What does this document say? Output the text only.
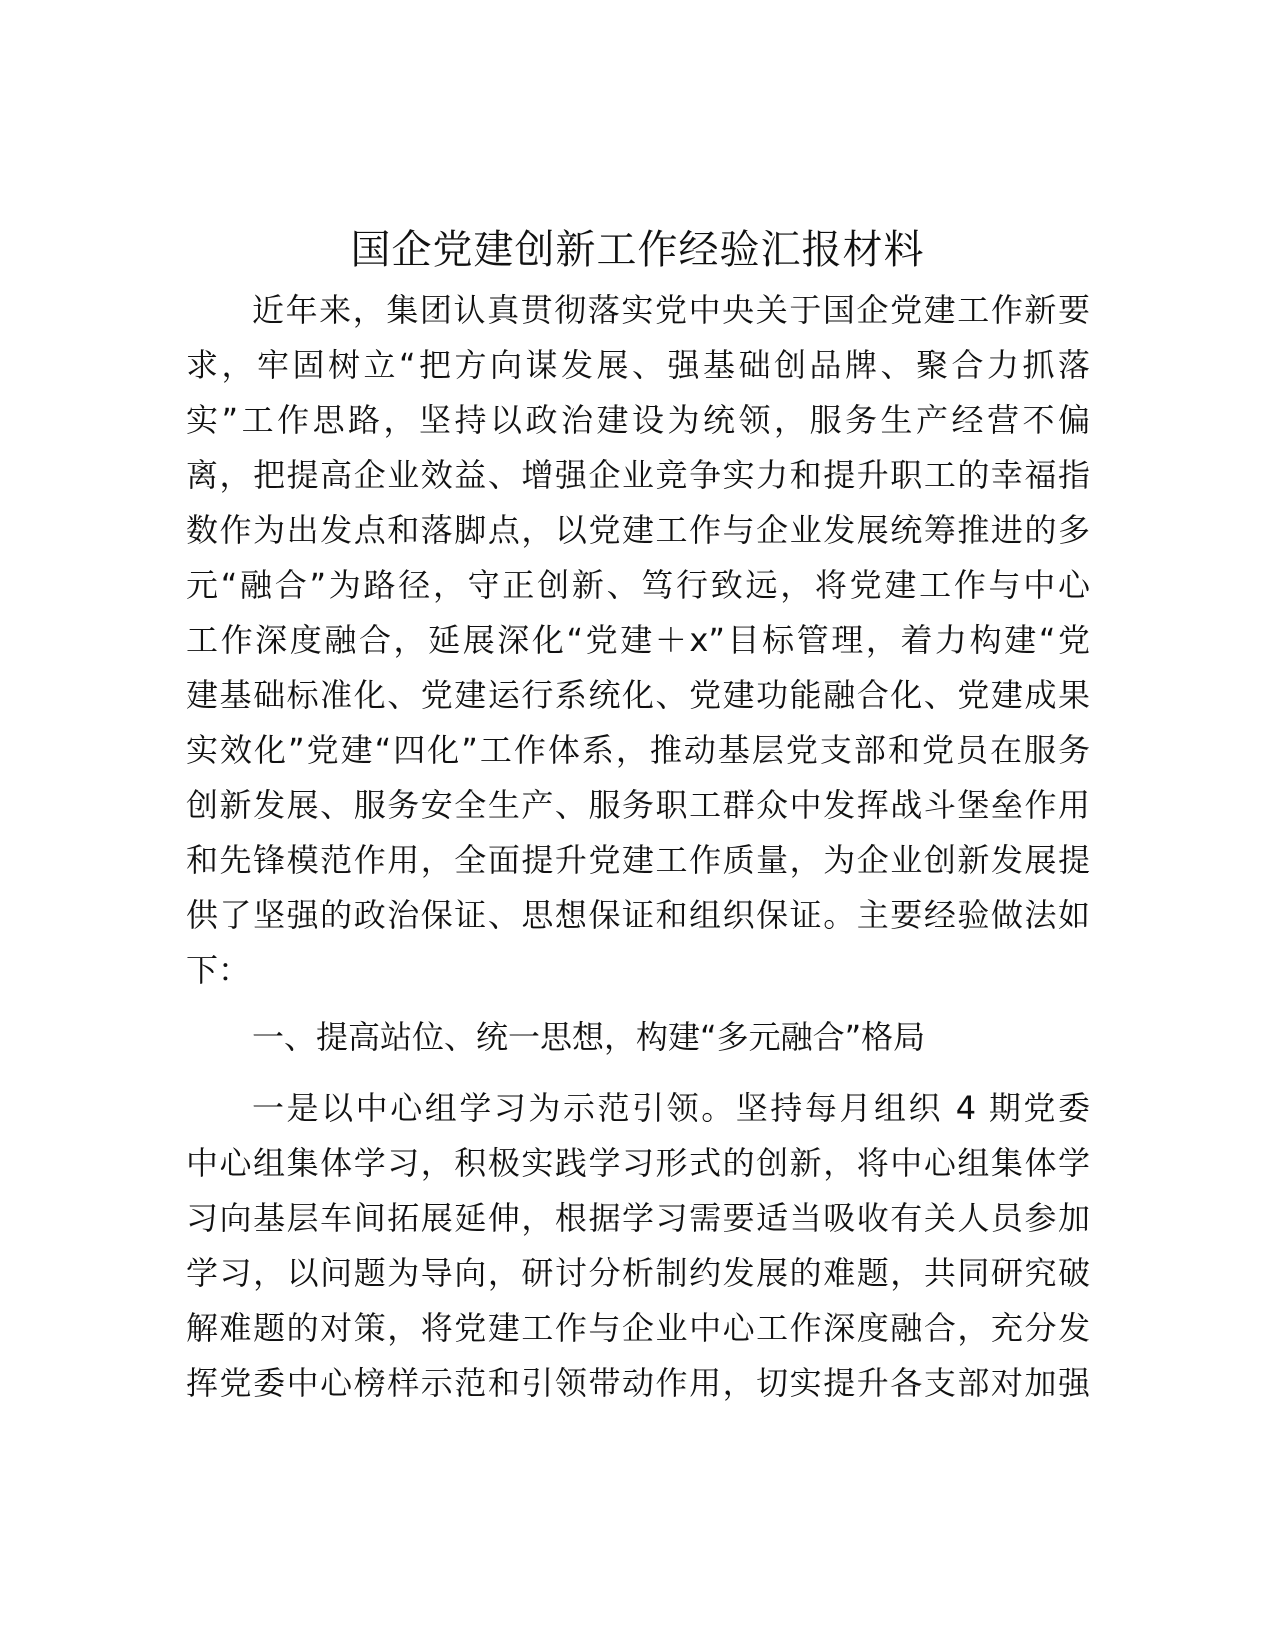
国企党建创新工作经验汇报材料
近年来，集团认真贯彻落实党中央关于国企党建工作新要
求，牢固树立“把方向谋发展、强基础创品牌、聚合力抓落
实”工作思路，坚持以政治建设为统领，服务生产经营不偏
离，把提高企业效益、增强企业竞争实力和提升职工的幸福指
数作为出发点和落脚点，以党建工作与企业发展统筹推进的多
元“融合”为路径，守正创新、笃行致远，将党建工作与中心
工作深度融合，延展深化“党建＋x”目标管理，着力构建“党
建基础标准化、党建运行系统化、党建功能融合化、党建成果
实效化”党建“四化”工作体系，推动基层党支部和党员在服务
创新发展、服务安全生产、服务职工群众中发挥战斗堡垒作用
和先锋模范作用，全面提升党建工作质量，为企业创新发展提
供了坚强的政治保证、思想保证和组织保证。主要经验做法如
下：
一、提高站位、统一思想，构建“多元融合”格局
一是以中心组学习为示范引领。坚持每月组织 4 期党委
中心组集体学习，积极实践学习形式的创新，将中心组集体学
习向基层车间拓展延伸，根据学习需要适当吸收有关人员参加
学习，以问题为导向，研讨分析制约发展的难题，共同研究破
解难题的对策，将党建工作与企业中心工作深度融合，充分发
挥党委中心榜样示范和引领带动作用，切实提升各支部对加强
